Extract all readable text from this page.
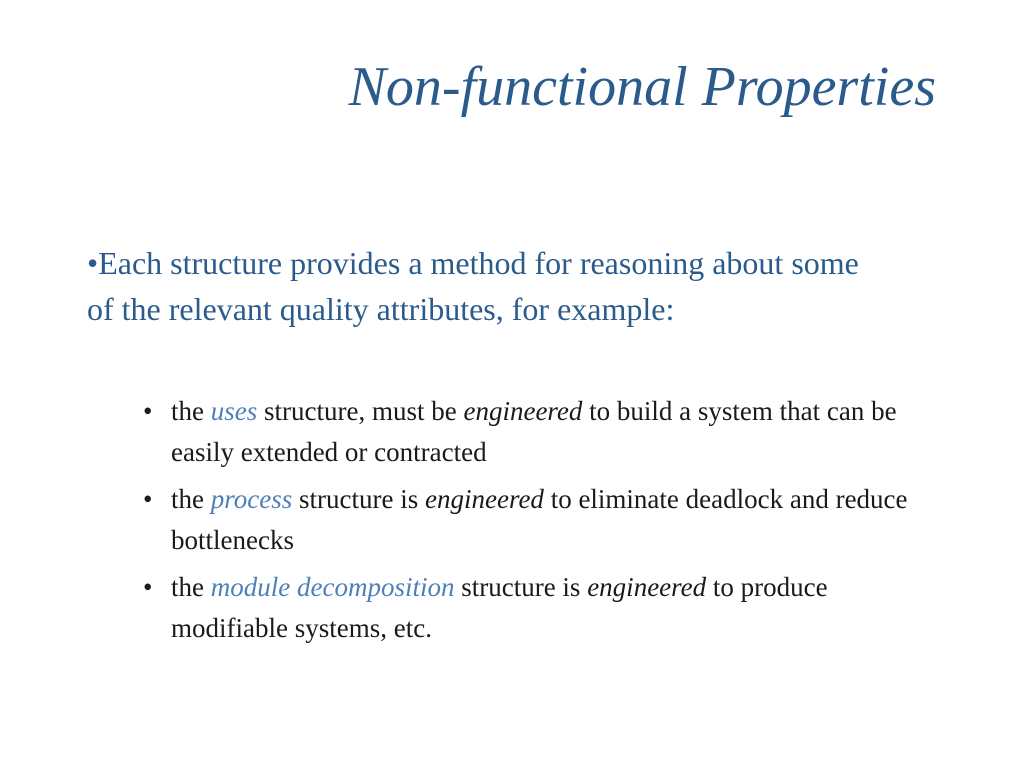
Non-functional Properties

•Each structure provides a method for reasoning about some of the relevant quality attributes, for example:

• the uses structure, must be engineered to build a system that can be easily extended or contracted
• the process structure is engineered to eliminate deadlock and reduce bottlenecks
• the module decomposition structure is engineered to produce modifiable systems, etc.
